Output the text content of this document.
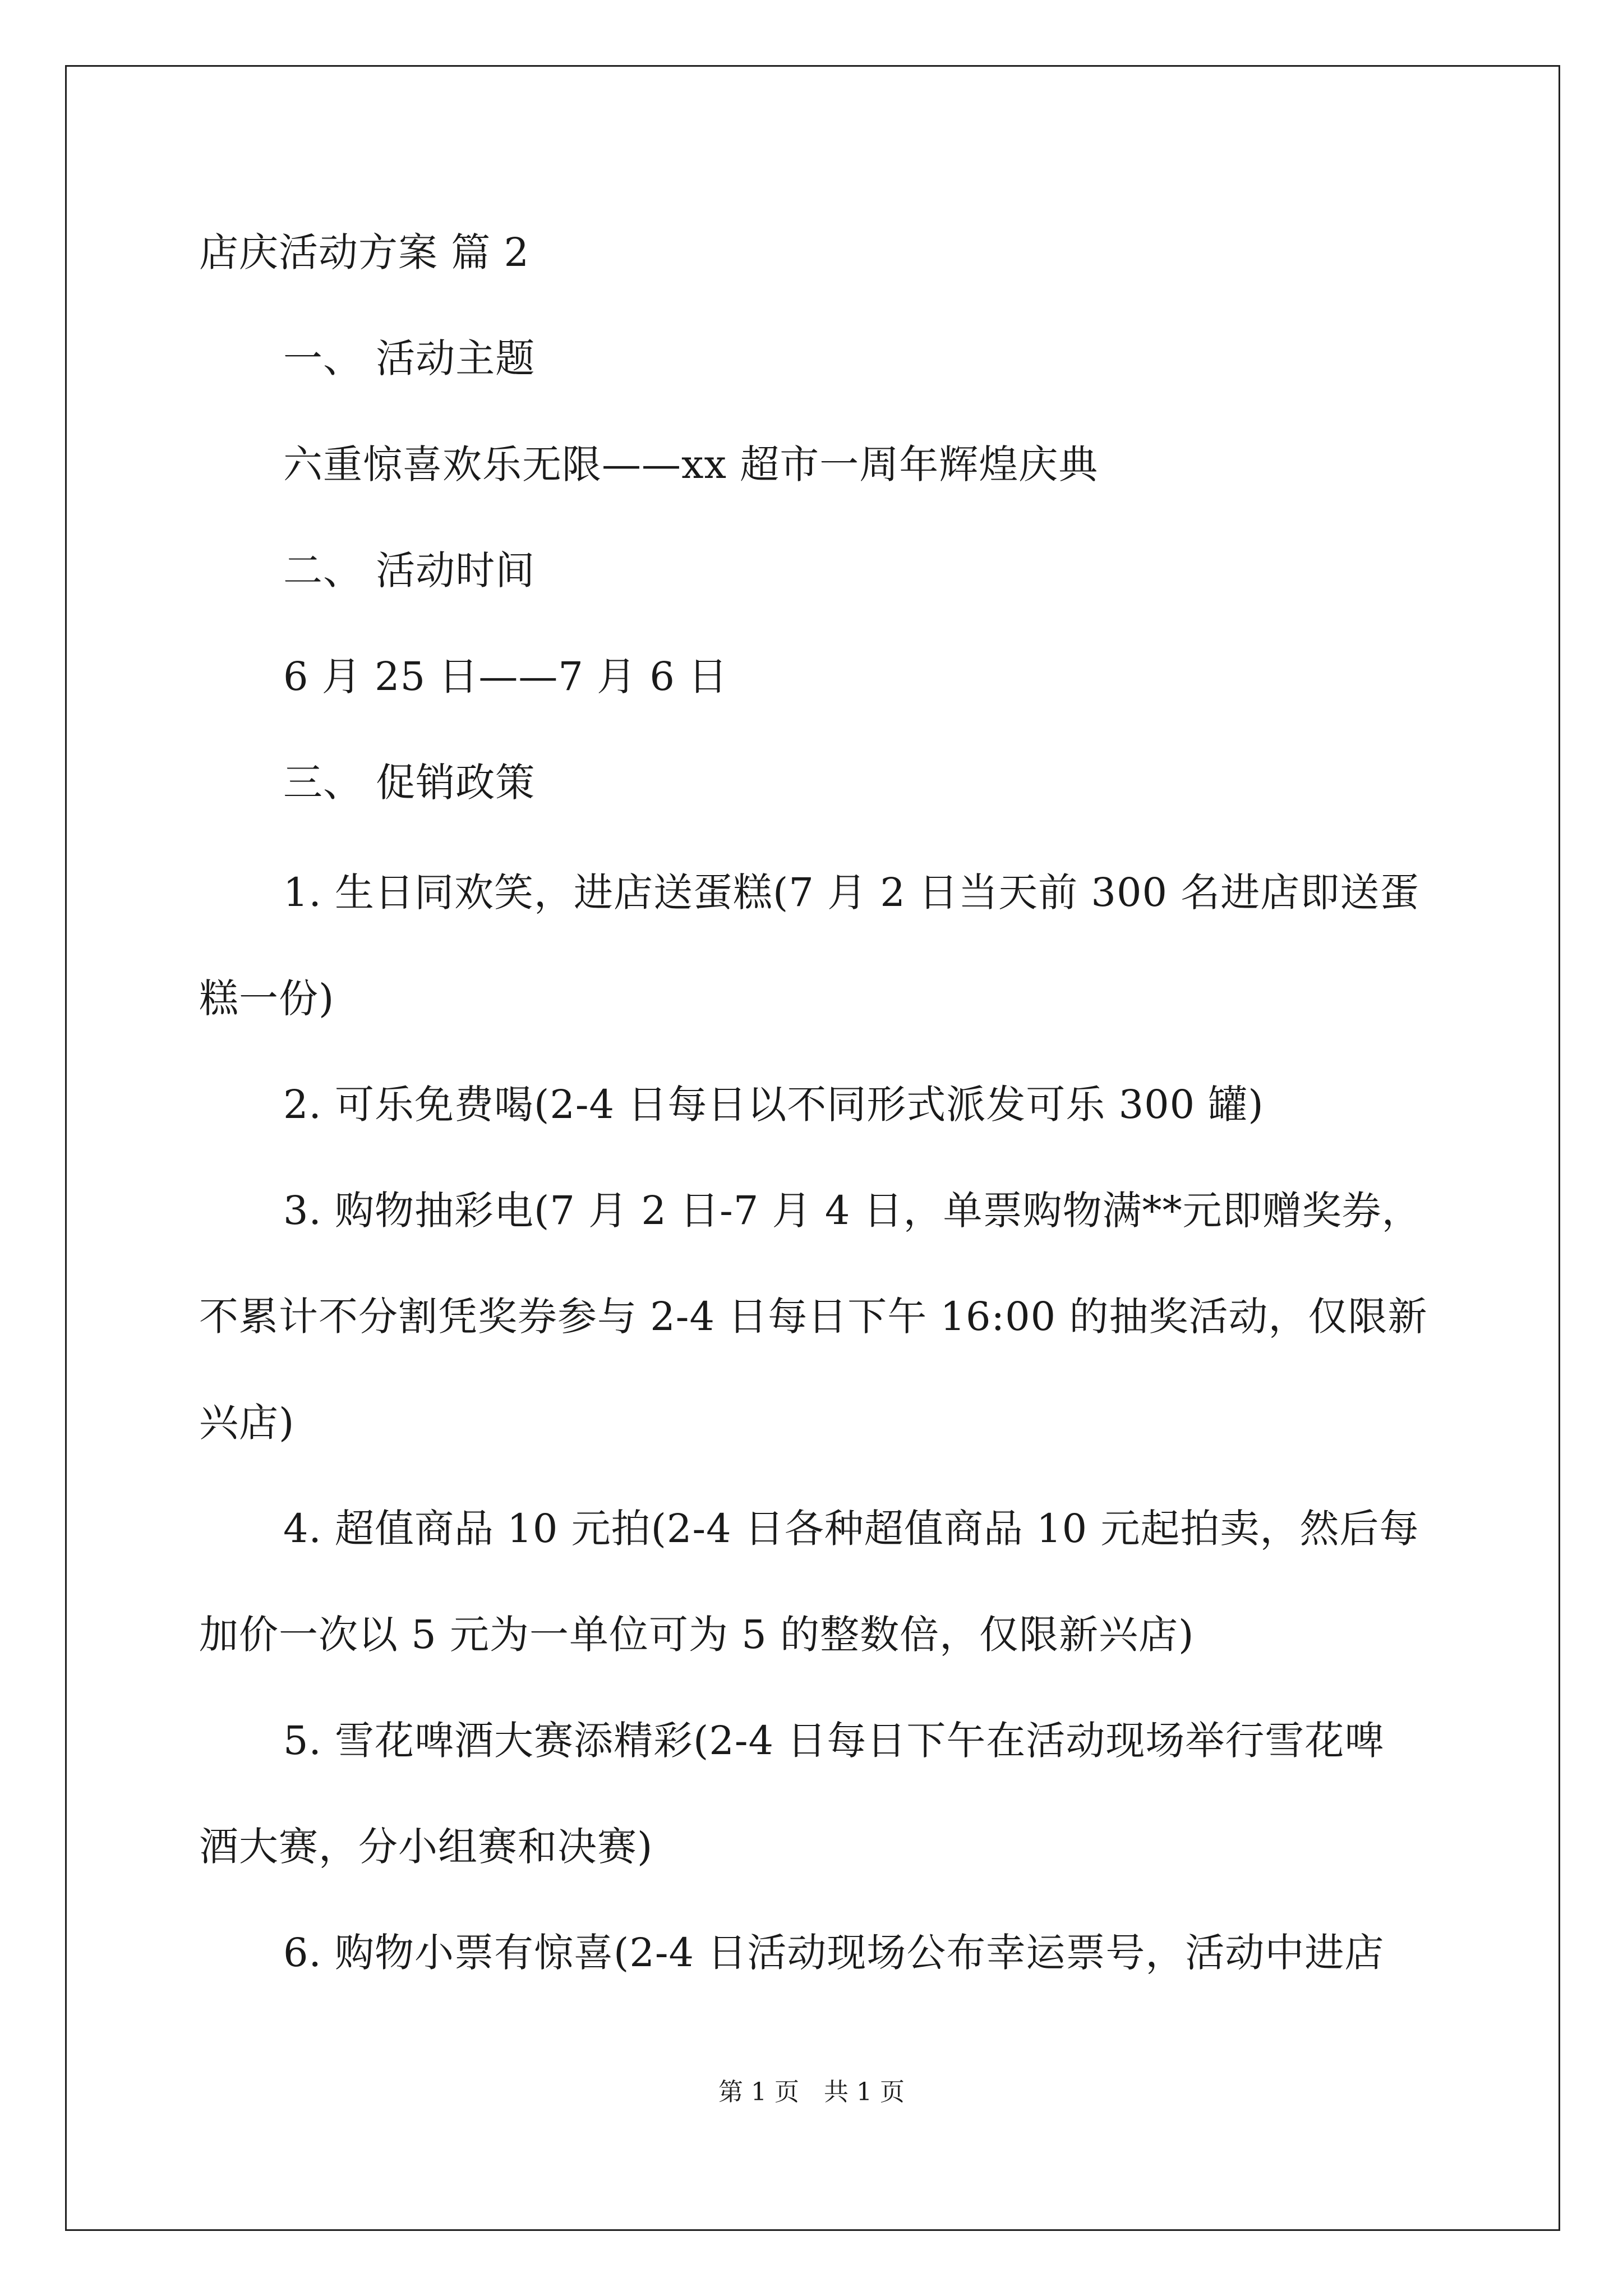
店庆活动方案 篇 2
一、 活动主题
六重惊喜欢乐无限——xx 超市一周年辉煌庆典
二、 活动时间
6 月 25 日——7 月 6 日
三、 促销政策
1. 生日同欢笑，进店送蛋糕(7 月 2 日当天前 300 名进店即送蛋
糕一份)
2. 可乐免费喝(2-4 日每日以不同形式派发可乐 300 罐)
3. 购物抽彩电(7 月 2 日-7 月 4 日，单票购物满**元即赠奖券，
不累计不分割凭奖券参与 2-4 日每日下午 16:00 的抽奖活动，仅限新
兴店)
4. 超值商品 10 元拍(2-4 日各种超值商品 10 元起拍卖，然后每
加价一次以 5 元为一单位可为 5 的整数倍，仅限新兴店)
5. 雪花啤酒大赛添精彩(2-4 日每日下午在活动现场举行雪花啤
酒大赛，分小组赛和决赛)
6. 购物小票有惊喜(2-4 日活动现场公布幸运票号，活动中进店
第 1 页　共 1 页
